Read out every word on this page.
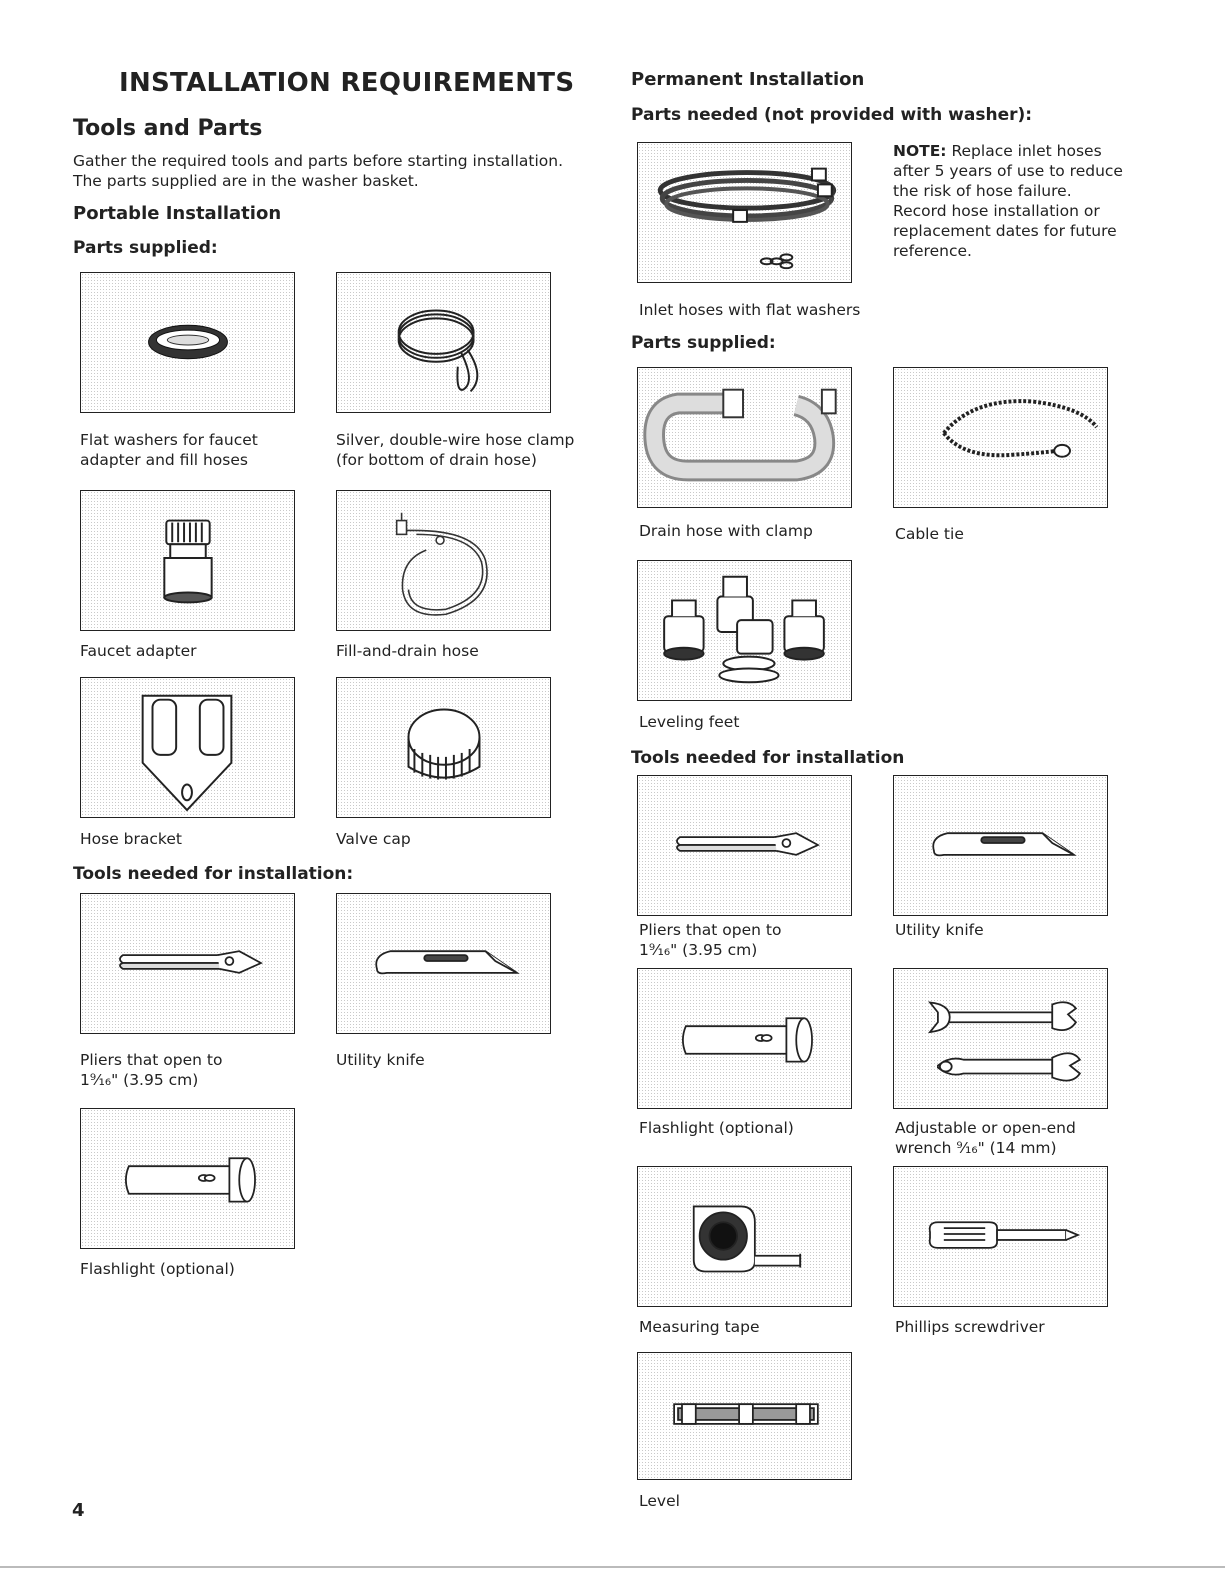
INSTALLATION REQUIREMENTS
Tools and Parts
Gather the required tools and parts before starting installation.
The parts supplied are in the washer basket.
Portable Installation
Parts supplied:
Flat washers for faucet
adapter and fill hoses
Silver, double-wire hose clamp
(for bottom of drain hose)
Faucet adapter	Fill-and-drain hose
Hose bracket	Valve cap
Tools needed for installation:
Pliers that open to
1⁹⁄₁₆" (3.95 cm)
Utility knife
Flashlight (optional)
Permanent Installation
Parts needed (not provided with washer):
Inlet hoses with flat washers
NOTE: Replace inlet hoses
after 5 years of use to reduce
the risk of hose failure.
Record hose installation or
replacement dates for future
reference.
Parts supplied:
Drain hose with clamp	Cable tie
Leveling feet
Tools needed for installation
Pliers that open to
1⁹⁄₁₆" (3.95 cm)
Utility knife
Flashlight (optional)	Adjustable or open-end
wrench ⁹⁄₁₆" (14 mm)
Measuring tape	Phillips screwdriver
Level
4
